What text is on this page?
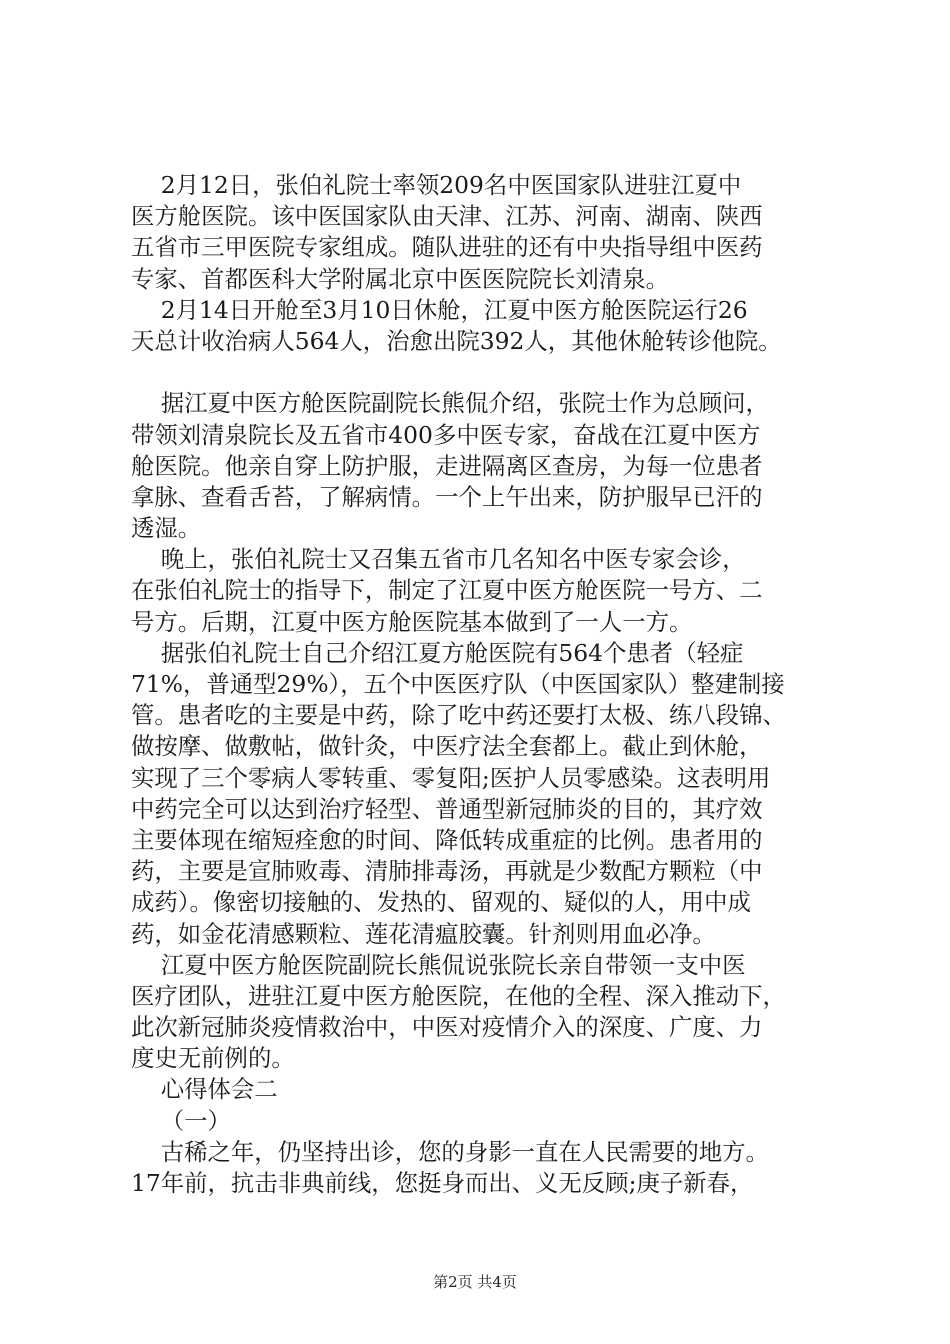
2月12日，张伯礼院士率领209名中医国家队进驻江夏中
医方舱医院。该中医国家队由天津、江苏、河南、湖南、陕西
五省市三甲医院专家组成。随队进驻的还有中央指导组中医药
专家、首都医科大学附属北京中医医院院长刘清泉。
2月14日开舱至3月10日休舱，江夏中医方舱医院运行26
天总计收治病人564人，治愈出院392人，其他休舱转诊他院。
据江夏中医方舱医院副院长熊侃介绍，张院士作为总顾问，
带领刘清泉院长及五省市400多中医专家，奋战在江夏中医方
舱医院。他亲自穿上防护服，走进隔离区查房，为每一位患者
拿脉、查看舌苔，了解病情。一个上午出来，防护服早已汗的
透湿。
晚上，张伯礼院士又召集五省市几名知名中医专家会诊，
在张伯礼院士的指导下，制定了江夏中医方舱医院一号方、二
号方。后期，江夏中医方舱医院基本做到了一人一方。
据张伯礼院士自己介绍江夏方舱医院有564个患者（轻症
71%，普通型29%），五个中医医疗队（中医国家队）整建制接
管。患者吃的主要是中药，除了吃中药还要打太极、练八段锦、
做按摩、做敷帖，做针灸，中医疗法全套都上。截止到休舱，
实现了三个零病人零转重、零复阳;医护人员零感染。这表明用
中药完全可以达到治疗轻型、普通型新冠肺炎的目的，其疗效
主要体现在缩短痊愈的时间、降低转成重症的比例。患者用的
药，主要是宣肺败毒、清肺排毒汤，再就是少数配方颗粒（中
成药）。像密切接触的、发热的、留观的、疑似的人，用中成
药，如金花清感颗粒、莲花清瘟胶囊。针剂则用血必净。
江夏中医方舱医院副院长熊侃说张院长亲自带领一支中医
医疗团队，进驻江夏中医方舱医院，在他的全程、深入推动下，
此次新冠肺炎疫情救治中，中医对疫情介入的深度、广度、力
度史无前例的。
心得体会二
（一）
古稀之年，仍坚持出诊，您的身影一直在人民需要的地方。
17年前，抗击非典前线，您挺身而出、义无反顾;庚子新春，
第2页 共4页
